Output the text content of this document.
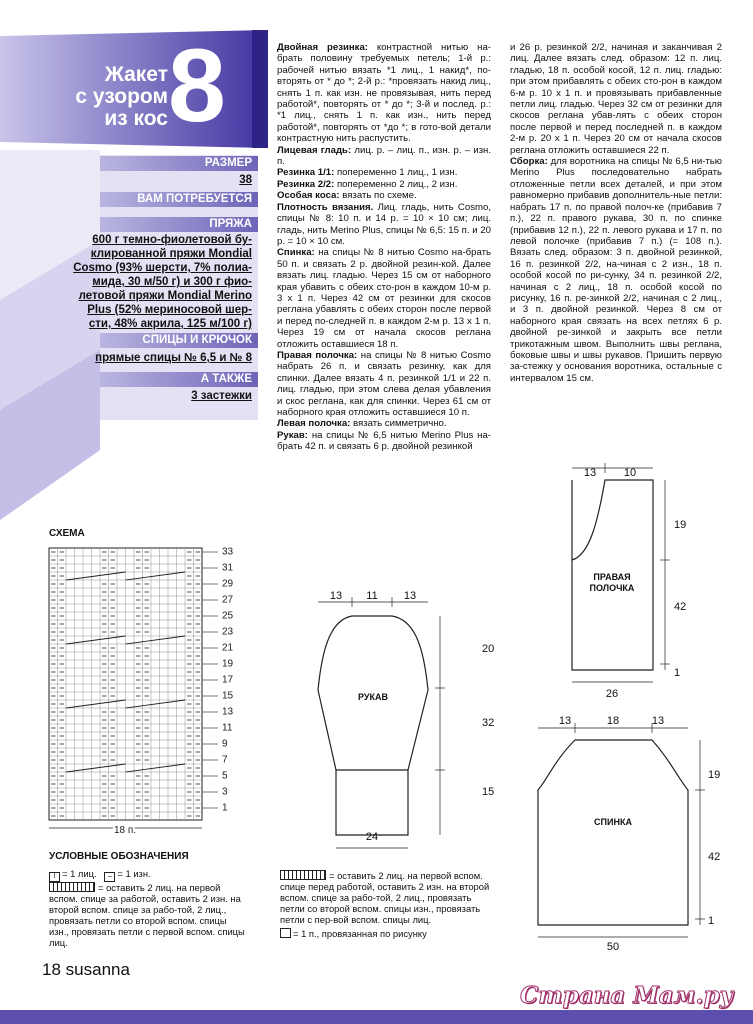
Жакет
с узором
из кос 8
РАЗМЕР
38
ВАМ ПОТРЕБУЕТСЯ
ПРЯЖА
600 г темно-фиолетовой бу-
клированной пряжи Mondial
Cosmo (93% шерсти, 7% полиа-
мида, 30 м/50 г) и 300 г фио-
летовой пряжи Mondial Merino
Plus (52% мериносовой шер-
сти, 48% акрила, 125 м/100 г)
СПИЦЫ И КРЮЧОК
прямые спицы № 6,5 и № 8
А ТАКЖЕ
3 застежки

Двойная резинка: контрастной нитью на-брать половину требуемых петель; 1-й р.: рабочей нитью вязать *1 лиц., 1 накид*, по-вторять от * до *; 2-й р.: *провязать накид лиц., снять 1 п. как изн. не провязывая, нить перед работой*, повторять от * до *; 3-й и послед. р.: *1 лиц., снять 1 п. как изн., нить перед работой*, повторять от *до *; в гото-вой детали контрастную нить распустить.

Лицевая гладь: лиц. р. – лиц. п., изн. р. – изн. п.

Резинка 1/1: попеременно 1 лиц., 1 изн.

Резинка 2/2: попеременно 2 лиц., 2 изн.

Особая коса: вязать по схеме.

Плотность вязания. Лиц. гладь, нить Cosmo, спицы № 8: 10 п. и 14 р. = 10 × 10 см; лиц. гладь, нить Merino Plus, спицы № 6,5: 15 п. и 20 р. = 10 × 10 см.

Спинка: на спицы № 8 нитью Cosmo на-брать 50 п. и связать 2 р. двойной резин-кой. Далее вязать лиц. гладью. Через 15 см от наборного края убавить с обеих сто-рон в каждом 10-м р. 3 х 1 п. Через 42 см от резинки для скосов реглана убавлять с обеих сторон после первой и перед по-следней п. в каждом 2-м р. 13 х 1 п. Через 19 см от начала скосов реглана отложить оставшиеся 18 п.

Правая полочка: на спицы № 8 нитью Cosmo набрать 26 п. и связать резинку, как для спинки. Далее вязать 4 п. резинкой 1/1 и 22 п. лиц. гладью, при этом слева делая убавления и скос реглана, как для спинки. Через 61 см от наборного края отложить оставшиеся 10 п.

Левая полочка: вязать симметрично.

Рукав: на спицы № 6,5 нитью Merino Plus на-брать 42 п. и связать 6 р. двойной резинкой

и 26 р. резинкой 2/2, начиная и заканчивая 2 лиц. Далее вязать след. образом: 12 п. лиц. гладью, 18 п. особой косой, 12 п. лиц. гладью: при этом прибавлять с обеих сто-рон в каждом 6-м р. 10 х 1 п. и провязывать прибавленные петли лиц. гладью. Через 32 см от резинки для скосов реглана убав-лять с обеих сторон после первой и перед последней п. в каждом 2-м р. 20 х 1 п. Через 20 см от начала скосов реглана отложить оставшиеся 22 п.

Сборка: для воротника на спицы № 6,5 ни-тью Merino Plus последовательно набрать отложенные петли всех деталей, и при этом равномерно прибавив дополнитель-ные петли: набрать 17 п. по правой полоч-ке (прибавив 7 п.), 22 п. правого рукава, 30 п. по спинке (прибавив 12 п.), 22 п. левого рукава и 17 п. по левой полочке (прибавив 7 п.) (= 108 п.). Вязать след. образом: 3 п. двойной резинкой, 16 п. резинкой 2/2, на-чиная с 2 изн., 18 п. особой косой по ри-сунку, 34 п. резинкой 2/2, начиная с 2 лиц., 18 п. особой косой по рисунку, 16 п. ре-зинкой 2/2, начиная с 2 лиц., и 3 п. двойной резинкой. Через 8 см от наборного края связать на всех петлях 6 р. двойной ре-зинкой и закрыть все петли трикотажным швом. Выполнить швы реглана, боковые швы и швы рукавов. Пришить первую за-стежку у основания воротника, остальные с интервалом 15 см.

СХЕМА
33
31
29
27
25
23
21
19
17
15
13
11
9
7
5
3
1
18 п.

УСЛОВНЫЕ ОБОЗНАЧЕНИЯ

I = 1 лиц. – = 1 изн.

= оставить 2 лиц. на первой вспом. спице за работой, оставить 2 изн. на второй вспом. спице за рабо-той, 2 лиц., провязать петли со второй вспом. спицы изн., провязать петли с первой вспом. спицы лиц.

= оставить 2 лиц. на первой вспом. спице перед работой, оставить 2 изн. на второй вспом. спице за рабо-той, 2 лиц., провязать петли со второй вспом. спицы изн., провязать петли с пер-вой вспом. спицы лиц.

= 1 п., провязанная по рисунку

РУКАВ
13 11 13
20
32
15
24
ПРАВАЯ
ПОЛОЧКА
13	10
19
42
1
26
СПИНКА
13	18	13
19
42
1
50
18 susanna
Страна Мам.ру
